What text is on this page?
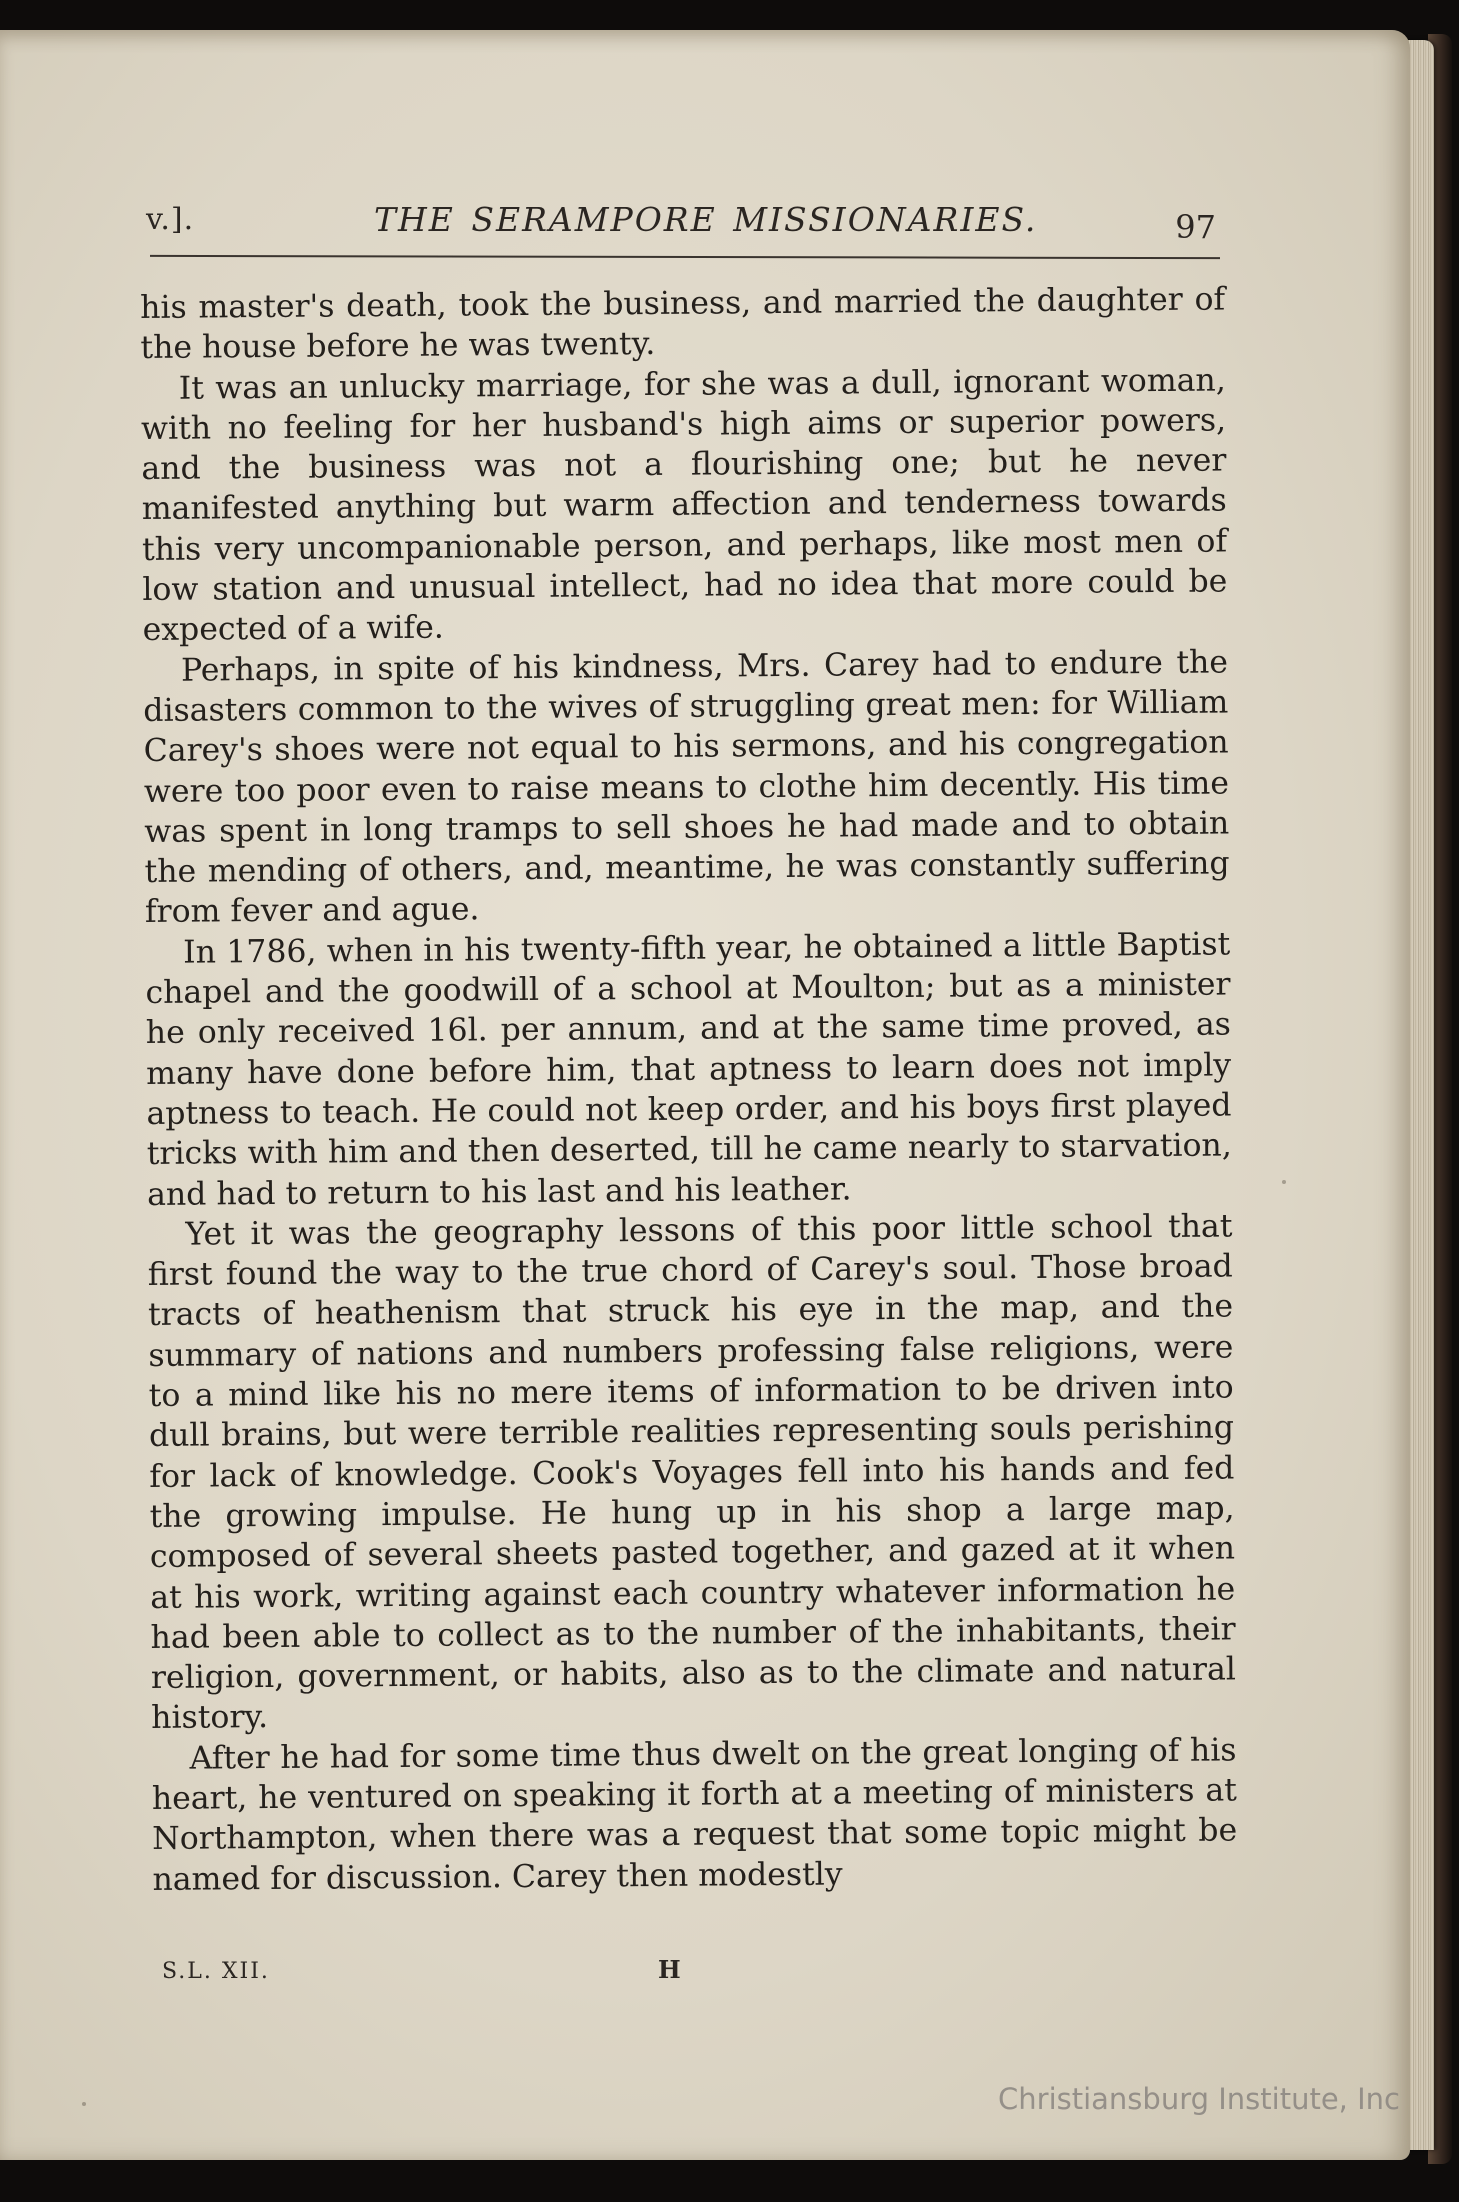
v.].	THE SERAMPORE MISSIONARIES.	97

his master's death, took the business, and married the daughter of the house before he was twenty.

It was an unlucky marriage, for she was a dull, ignorant woman, with no feeling for her husband's high aims or superior powers, and the business was not a flourishing one; but he never manifested anything but warm affection and tenderness towards this very uncompanionable person, and perhaps, like most men of low station and unusual intellect, had no idea that more could be expected of a wife.

Perhaps, in spite of his kindness, Mrs. Carey had to endure the disasters common to the wives of struggling great men: for William Carey's shoes were not equal to his sermons, and his congregation were too poor even to raise means to clothe him decently. His time was spent in long tramps to sell shoes he had made and to obtain the mending of others, and, meantime, he was constantly suffering from fever and ague.

In 1786, when in his twenty-fifth year, he obtained a little Baptist chapel and the goodwill of a school at Moulton; but as a minister he only received 16l. per annum, and at the same time proved, as many have done before him, that aptness to learn does not imply aptness to teach. He could not keep order, and his boys first played tricks with him and then deserted, till he came nearly to starvation, and had to return to his last and his leather.

Yet it was the geography lessons of this poor little school that first found the way to the true chord of Carey's soul. Those broad tracts of heathenism that struck his eye in the map, and the summary of nations and numbers professing false religions, were to a mind like his no mere items of information to be driven into dull brains, but were terrible realities representing souls perishing for lack of knowledge. Cook's Voyages fell into his hands and fed the growing impulse. He hung up in his shop a large map, composed of several sheets pasted together, and gazed at it when at his work, writing against each country whatever information he had been able to collect as to the number of the inhabitants, their religion, government, or habits, also as to the climate and natural history.

After he had for some time thus dwelt on the great longing of his heart, he ventured on speaking it forth at a meeting of ministers at Northampton, when there was a request that some topic might be named for discussion. Carey then modestly

S.L. XII.	H
Christiansburg Institute, Inc
